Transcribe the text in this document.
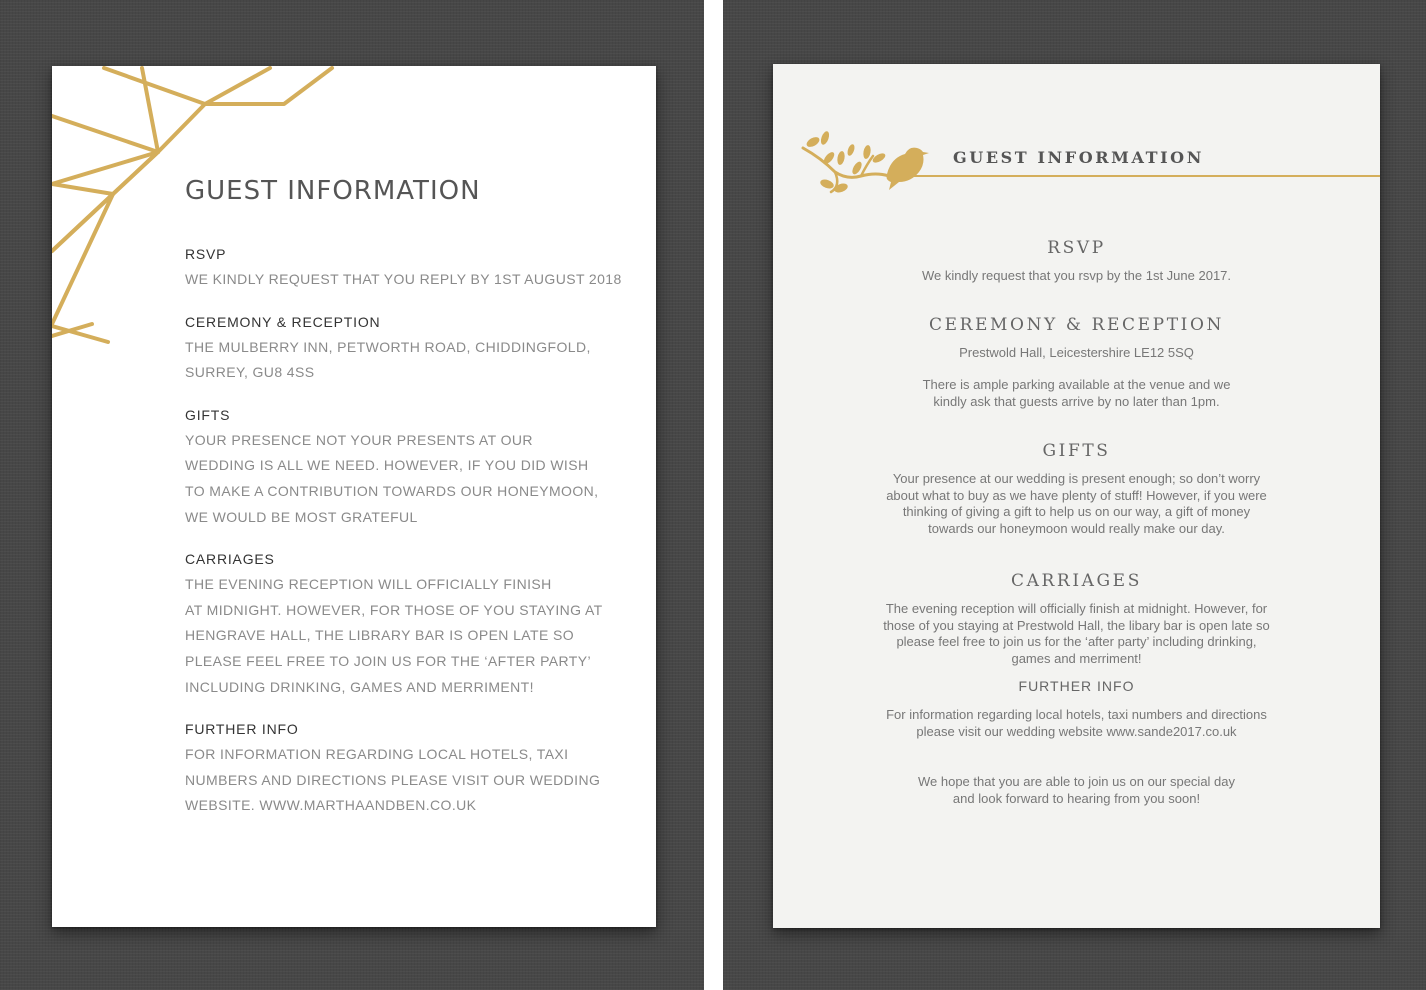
GUEST INFORMATION
RSVP
WE KINDLY REQUEST THAT YOU REPLY BY 1ST AUGUST 2018
CEREMONY & RECEPTION
THE MULBERRY INN, PETWORTH ROAD, CHIDDINGFOLD,
SURREY, GU8 4SS
GIFTS
YOUR PRESENCE NOT YOUR PRESENTS AT OUR
WEDDING IS ALL WE NEED. HOWEVER, IF YOU DID WISH
TO MAKE A CONTRIBUTION TOWARDS OUR HONEYMOON,
WE WOULD BE MOST GRATEFUL
CARRIAGES
THE EVENING RECEPTION WILL OFFICIALLY FINISH
AT MIDNIGHT. HOWEVER, FOR THOSE OF YOU STAYING AT
HENGRAVE HALL, THE LIBRARY BAR IS OPEN LATE SO
PLEASE FEEL FREE TO JOIN US FOR THE ‘AFTER PARTY’
INCLUDING DRINKING, GAMES AND MERRIMENT!
FURTHER INFO
FOR INFORMATION REGARDING LOCAL HOTELS, TAXI
NUMBERS AND DIRECTIONS PLEASE VISIT OUR WEDDING
WEBSITE. WWW.MARTHAANDBEN.CO.UK
GUEST INFORMATION
RSVP
We kindly request that you rsvp by the 1st June 2017.
CEREMONY & RECEPTION
Prestwold Hall, Leicestershire LE12 5SQ
There is ample parking available at the venue and we
kindly ask that guests arrive by no later than 1pm.
GIFTS
Your presence at our wedding is present enough; so don’t worry
about what to buy as we have plenty of stuff! However, if you were
thinking of giving a gift to help us on our way, a gift of money
towards our honeymoon would really make our day.
CARRIAGES
The evening reception will officially finish at midnight. However, for
those of you staying at Prestwold Hall, the libary bar is open late so
please feel free to join us for the ‘after party’ including drinking,
games and merriment!
FURTHER INFO
For information regarding local hotels, taxi numbers and directions
please visit our wedding website www.sande2017.co.uk
We hope that you are able to join us on our special day
and look forward to hearing from you soon!
